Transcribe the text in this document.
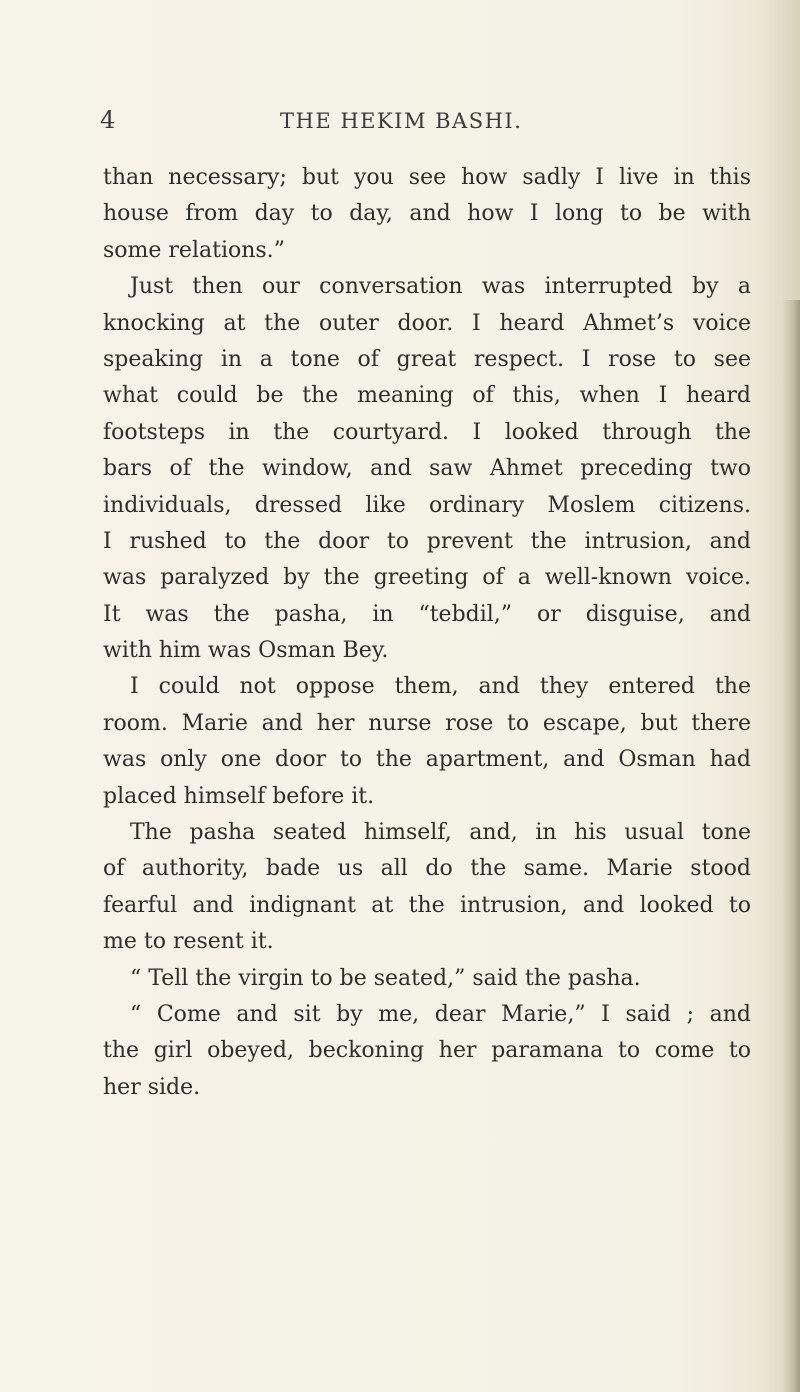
4	THE HEKIM BASHI.
than necessary; but you see how sadly I live in this
house from day to day, and how I long to be with
some relations.”
Just then our conversation was interrupted by a
knocking at the outer door. I heard Ahmet’s voice
speaking in a tone of great respect. I rose to see
what could be the meaning of this, when I heard
footsteps in the courtyard. I looked through the
bars of the window, and saw Ahmet preceding two
individuals, dressed like ordinary Moslem citizens.
I rushed to the door to prevent the intrusion, and
was paralyzed by the greeting of a well-known voice.
It was the pasha, in “tebdil,” or disguise, and
with him was Osman Bey.
I could not oppose them, and they entered the
room. Marie and her nurse rose to escape, but there
was only one door to the apartment, and Osman had
placed himself before it.
The pasha seated himself, and, in his usual tone
of authority, bade us all do the same. Marie stood
fearful and indignant at the intrusion, and looked to
me to resent it.
“ Tell the virgin to be seated,” said the pasha.
“ Come and sit by me, dear Marie,” I said ; and
the girl obeyed, beckoning her paramana to come to
her side.
